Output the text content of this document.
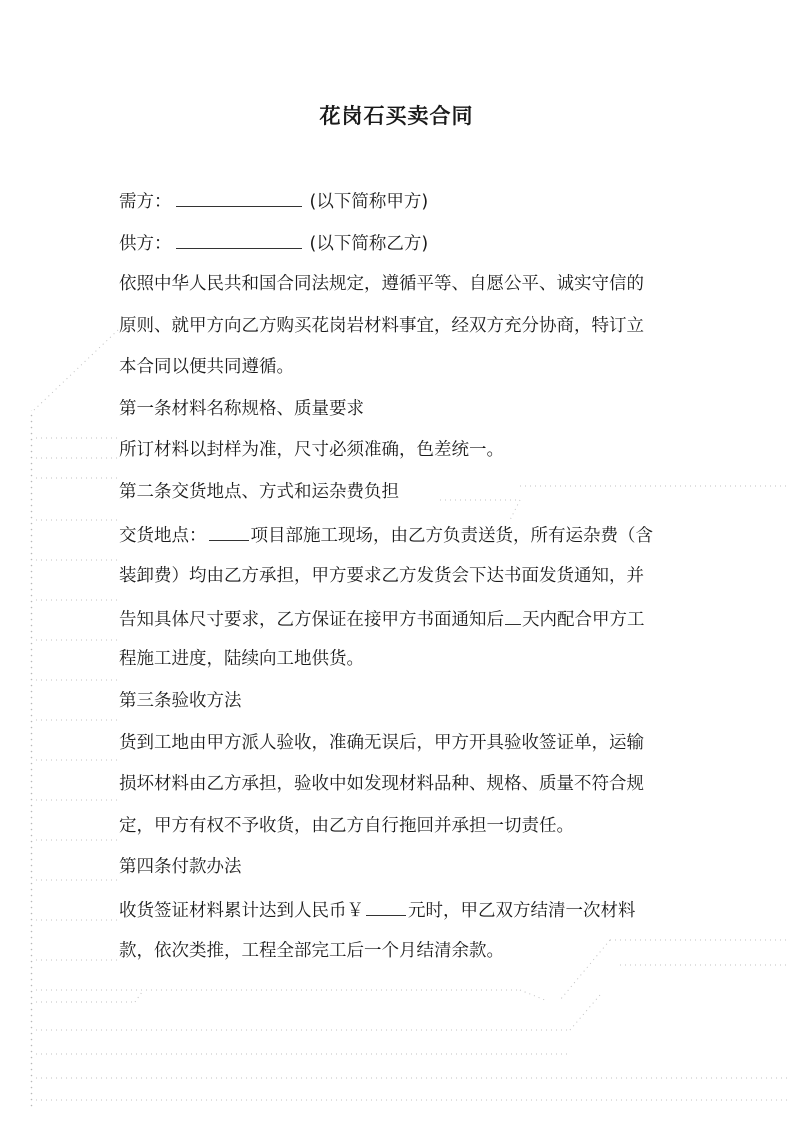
花岗石买卖合同
需方：	(以下简称甲方)
供方：	(以下简称乙方)
依照中华人民共和国合同法规定，遵循平等、自愿公平、诚实守信的
原则、就甲方向乙方购买花岗岩材料事宜，经双方充分协商，特订立
本合同以便共同遵循。
第一条材料名称规格、质量要求
所订材料以封样为准，尺寸必须准确，色差统一。
第二条交货地点、方式和运杂费负担
交货地点：	项目部施工现场，由乙方负责送货，所有运杂费（含
装卸费）均由乙方承担，甲方要求乙方发货会下达书面发货通知，并
告知具体尺寸要求，乙方保证在接甲方书面通知后 天内配合甲方工
程施工进度，陆续向工地供货。
第三条验收方法
货到工地由甲方派人验收，准确无误后，甲方开具验收签证单，运输
损坏材料由乙方承担，验收中如发现材料品种、规格、质量不符合规
定，甲方有权不予收货，由乙方自行拖回并承担一切责任。
第四条付款办法
收货签证材料累计达到人民币￥	元时，甲乙双方结清一次材料
款，依次类推，工程全部完工后一个月结清余款。
